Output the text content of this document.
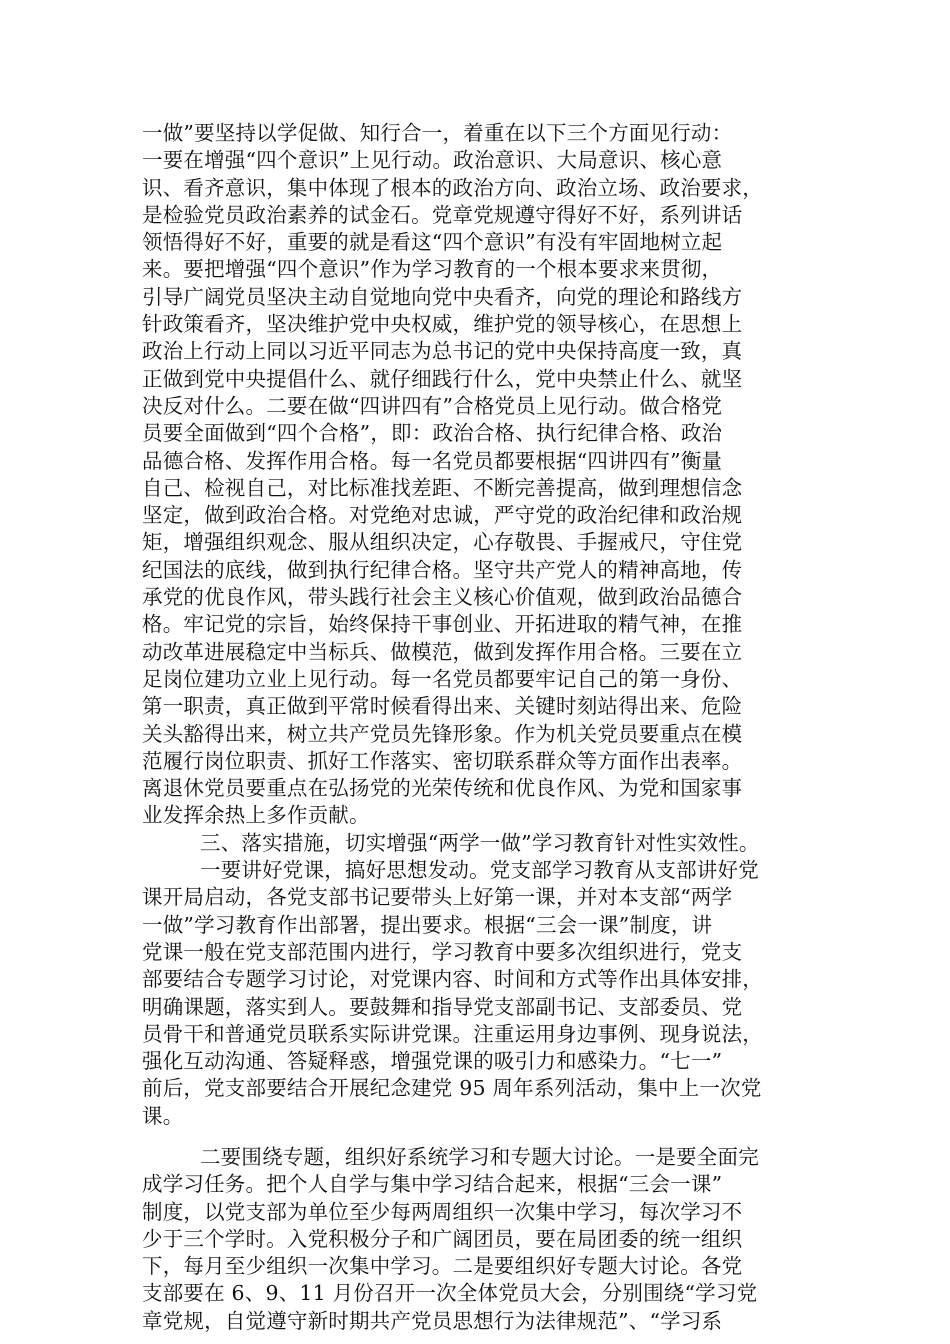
一做”要坚持以学促做、知行合一，着重在以下三个方面见行动：
一要在增强“四个意识”上见行动。政治意识、大局意识、核心意
识、看齐意识，集中体现了根本的政治方向、政治立场、政治要求，
是检验党员政治素养的试金石。党章党规遵守得好不好，系列讲话
领悟得好不好，重要的就是看这“四个意识”有没有牢固地树立起
来。要把增强“四个意识”作为学习教育的一个根本要求来贯彻，
引导广阔党员坚决主动自觉地向党中央看齐，向党的理论和路线方
针政策看齐，坚决维护党中央权威，维护党的领导核心，在思想上
政治上行动上同以习近平同志为总书记的党中央保持高度一致，真
正做到党中央提倡什么、就仔细践行什么，党中央禁止什么、就坚
决反对什么。二要在做“四讲四有”合格党员上见行动。做合格党
员要全面做到“四个合格”，即：政治合格、执行纪律合格、政治
品德合格、发挥作用合格。每一名党员都要根据“四讲四有”衡量
自己、检视自己，对比标准找差距、不断完善提高，做到理想信念
坚定，做到政治合格。对党绝对忠诚，严守党的政治纪律和政治规
矩，增强组织观念、服从组织决定，心存敬畏、手握戒尺，守住党
纪国法的底线，做到执行纪律合格。坚守共产党人的精神高地，传
承党的优良作风，带头践行社会主义核心价值观，做到政治品德合
格。牢记党的宗旨，始终保持干事创业、开拓进取的精气神，在推
动改革进展稳定中当标兵、做模范，做到发挥作用合格。三要在立
足岗位建功立业上见行动。每一名党员都要牢记自己的第一身份、
第一职责，真正做到平常时候看得出来、关键时刻站得出来、危险
关头豁得出来，树立共产党员先锋形象。作为机关党员要重点在模
范履行岗位职责、抓好工作落实、密切联系群众等方面作出表率。
离退休党员要重点在弘扬党的光荣传统和优良作风、为党和国家事
业发挥余热上多作贡献。
三、落实措施，切实增强“两学一做”学习教育针对性实效性。
一要讲好党课，搞好思想发动。党支部学习教育从支部讲好党
课开局启动，各党支部书记要带头上好第一课，并对本支部“两学
一做”学习教育作出部署，提出要求。根据“三会一课”制度，讲
党课一般在党支部范围内进行，学习教育中要多次组织进行，党支
部要结合专题学习讨论，对党课内容、时间和方式等作出具体安排，
明确课题，落实到人。要鼓舞和指导党支部副书记、支部委员、党
员骨干和普通党员联系实际讲党课。注重运用身边事例、现身说法，
强化互动沟通、答疑释惑，增强党课的吸引力和感染力。“七一”
前后，党支部要结合开展纪念建党 95 周年系列活动，集中上一次党
课。
二要围绕专题，组织好系统学习和专题大讨论。一是要全面完
成学习任务。把个人自学与集中学习结合起来，根据“三会一课”
制度，以党支部为单位至少每两周组织一次集中学习，每次学习不
少于三个学时。入党积极分子和广阔团员，要在局团委的统一组织
下，每月至少组织一次集中学习。二是要组织好专题大讨论。各党
支部要在 6、9、11 月份召开一次全体党员大会，分别围绕“学习党
章党规，自觉遵守新时期共产党员思想行为法律规范”、“学习系
